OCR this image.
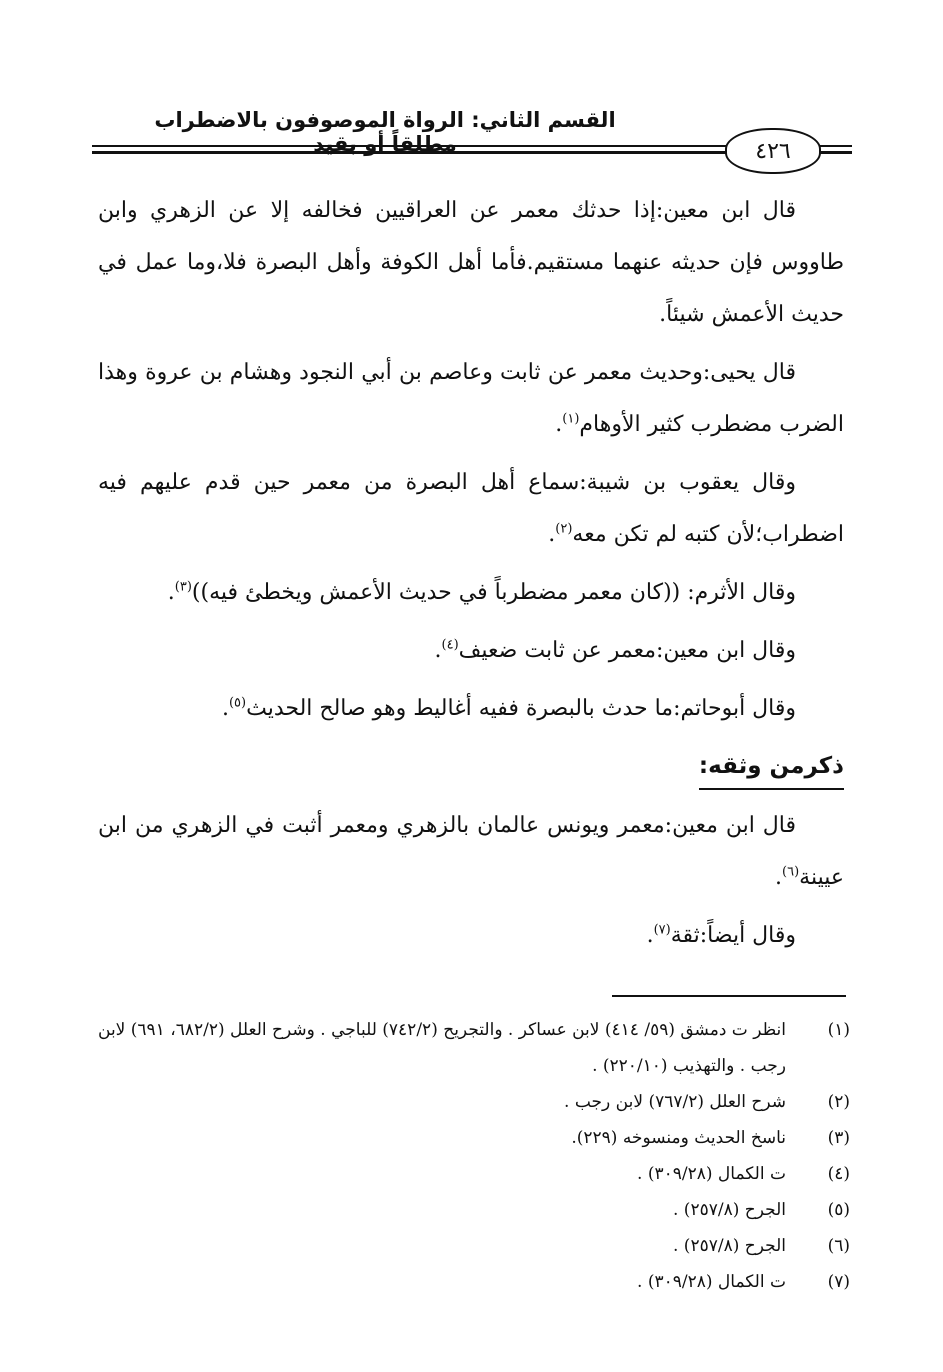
القسم الثاني: الرواة الموصوفون بالاضطراب مطلقاً أو بقيد	٤٢٦

قال ابن معين:إذا حدثك معمر عن العراقيين فخالفه إلا عن الزهري وابن طاووس فإن حديثه عنهما مستقيم.فأما أهل الكوفة وأهل البصرة فلا،وما عمل في حديث الأعمش شيئاً.

قال يحيى:وحديث معمر عن ثابت وعاصم بن أبي النجود وهشام بن عروة وهذا الضرب مضطرب كثير الأوهام$^{(١)}$.

وقال يعقوب بن شيبة:سماع أهل البصرة من معمر حين قدم عليهم فيه اضطراب؛لأن كتبه لم تكن معه$^{(٢)}$.

وقال الأثرم: ((كان معمر مضطرباً في حديث الأعمش ويخطئ فيه))$^{(٣)}$.

وقال ابن معين:معمر عن ثابت ضعيف$^{(٤)}$.

وقال أبوحاتم:ما حدث بالبصرة ففيه أغاليط وهو صالح الحديث$^{(٥)}$.

ذكرمن وثقه:

قال ابن معين:معمر ويونس عالمان بالزهري ومعمر أثبت في الزهري من ابن عيينة$^{(٦)}$.

وقال أيضاً:ثقة$^{(٧)}$.

(١)
انظر ت دمشق (٥٩/ ٤١٤) لابن عساكر . والتجريح (٧٤٢/٢) للباجي . وشرح العلل (٦٨٢/٢، ٦٩١) لابن رجب . والتهذيب (٢٢٠/١٠) .
(٢)
شرح العلل (٧٦٧/٢) لابن رجب .
(٣)
ناسخ الحديث ومنسوخه (٢٢٩).
(٤)
ت الكمال (٣٠٩/٢٨) .
(٥)
الجرح (٢٥٧/٨) .
(٦)
الجرح (٢٥٧/٨) .
(٧)
ت الكمال (٣٠٩/٢٨) .
